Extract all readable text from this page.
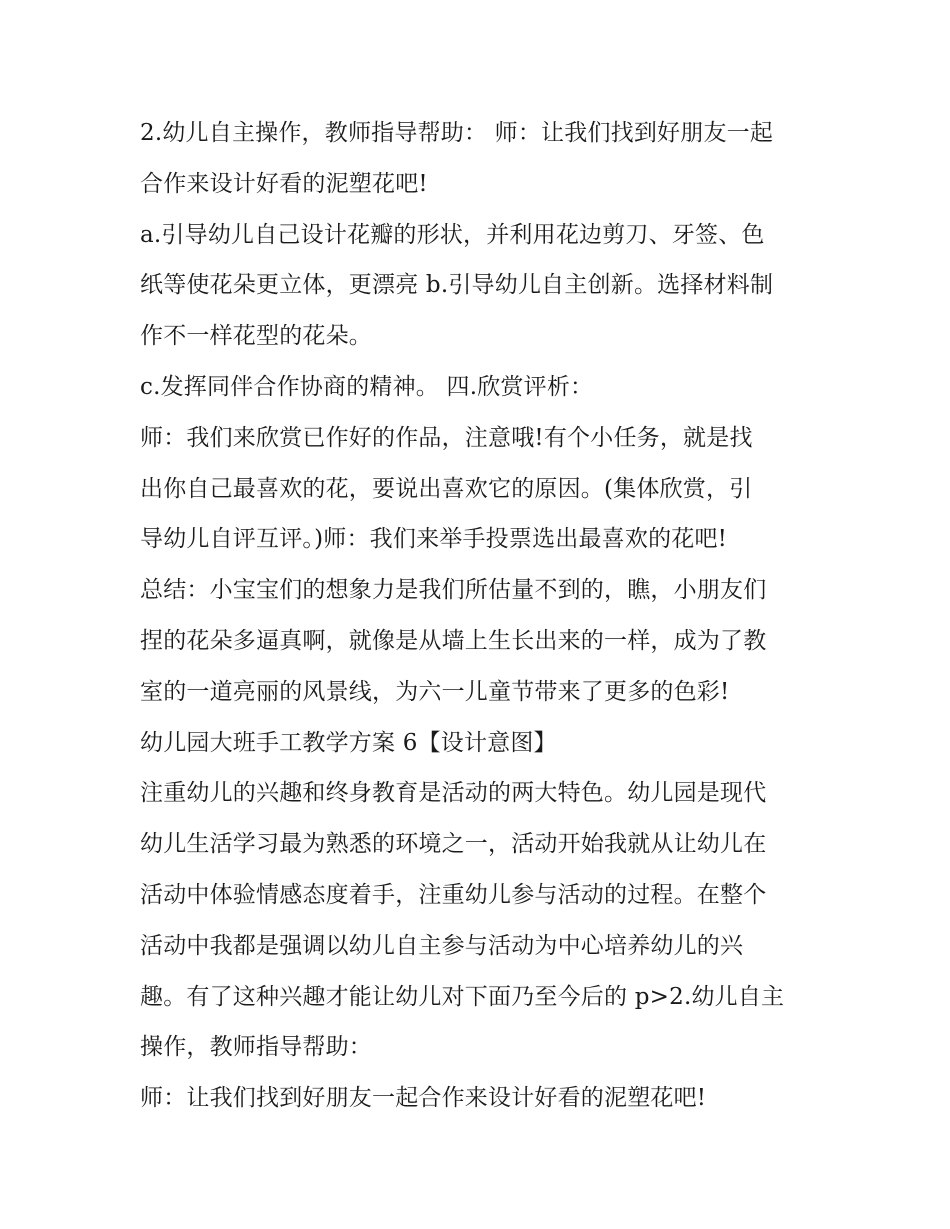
2.幼儿自主操作，教师指导帮助： 师：让我们找到好朋友一起
合作来设计好看的泥塑花吧!
a.引导幼儿自己设计花瓣的形状，并利用花边剪刀、牙签、色
纸等使花朵更立体，更漂亮 b.引导幼儿自主创新。选择材料制
作不一样花型的花朵。
c.发挥同伴合作协商的精神。 四.欣赏评析：
师：我们来欣赏已作好的作品，注意哦!有个小任务，就是找
出你自己最喜欢的花，要说出喜欢它的原因。(集体欣赏，引
导幼儿自评互评。)师：我们来举手投票选出最喜欢的花吧!
总结：小宝宝们的想象力是我们所估量不到的，瞧，小朋友们
捏的花朵多逼真啊，就像是从墙上生长出来的一样，成为了教
室的一道亮丽的风景线，为六一儿童节带来了更多的色彩!
幼儿园大班手工教学方案 6【设计意图】
注重幼儿的兴趣和终身教育是活动的两大特色。幼儿园是现代
幼儿生活学习最为熟悉的环境之一，活动开始我就从让幼儿在
活动中体验情感态度着手，注重幼儿参与活动的过程。在整个
活动中我都是强调以幼儿自主参与活动为中心培养幼儿的兴
趣。有了这种兴趣才能让幼儿对下面乃至今后的 p>2.幼儿自主
操作，教师指导帮助：
师：让我们找到好朋友一起合作来设计好看的泥塑花吧!
